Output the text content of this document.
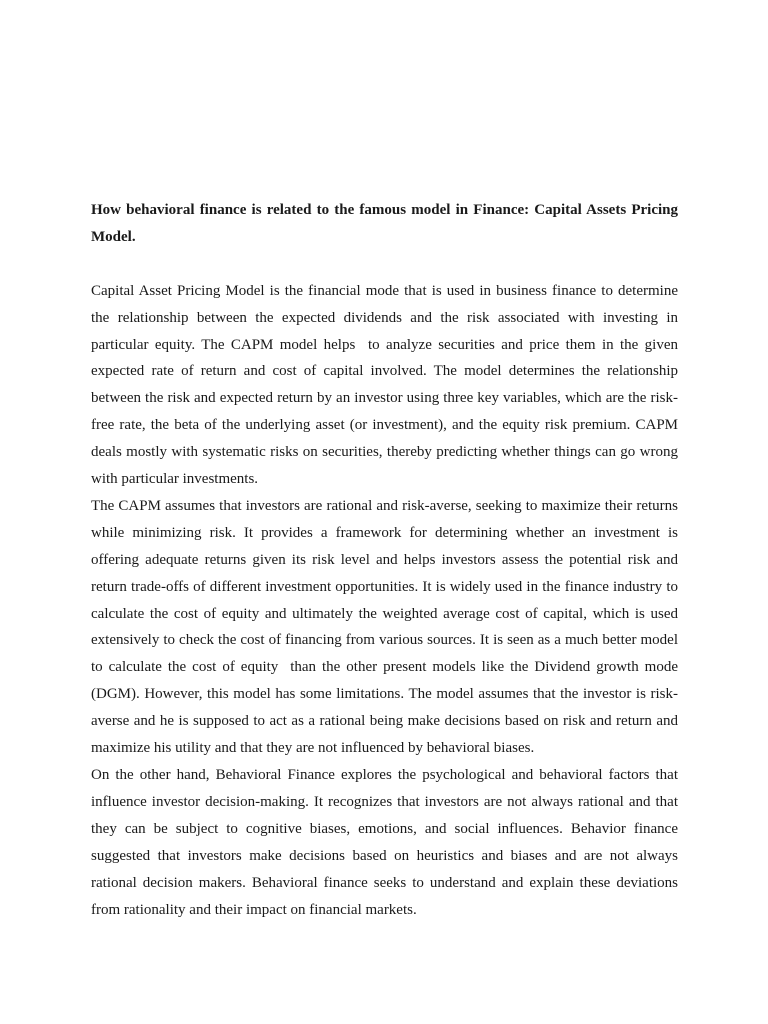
How behavioral finance is related to the famous model in Finance: Capital Assets Pricing Model.

Capital Asset Pricing Model is the financial mode that is used in business finance to determine the relationship between the expected dividends and the risk associated with investing in particular equity. The CAPM model helps  to analyze securities and price them in the given expected rate of return and cost of capital involved. The model determines the relationship between the risk and expected return by an investor using three key variables, which are the risk-free rate, the beta of the underlying asset (or investment), and the equity risk premium. CAPM deals mostly with systematic risks on securities, thereby predicting whether things can go wrong with particular investments.

The CAPM assumes that investors are rational and risk-averse, seeking to maximize their returns while minimizing risk. It provides a framework for determining whether an investment is offering adequate returns given its risk level and helps investors assess the potential risk and return trade-offs of different investment opportunities. It is widely used in the finance industry to calculate the cost of equity and ultimately the weighted average cost of capital, which is used extensively to check the cost of financing from various sources. It is seen as a much better model to calculate the cost of equity  than the other present models like the Dividend growth mode (DGM). However, this model has some limitations. The model assumes that the investor is risk-averse and he is supposed to act as a rational being make decisions based on risk and return and maximize his utility and that they are not influenced by behavioral biases.

On the other hand, Behavioral Finance explores the psychological and behavioral factors that influence investor decision-making. It recognizes that investors are not always rational and that they can be subject to cognitive biases, emotions, and social influences. Behavior finance suggested that investors make decisions based on heuristics and biases and are not always rational decision makers. Behavioral finance seeks to understand and explain these deviations from rationality and their impact on financial markets.
